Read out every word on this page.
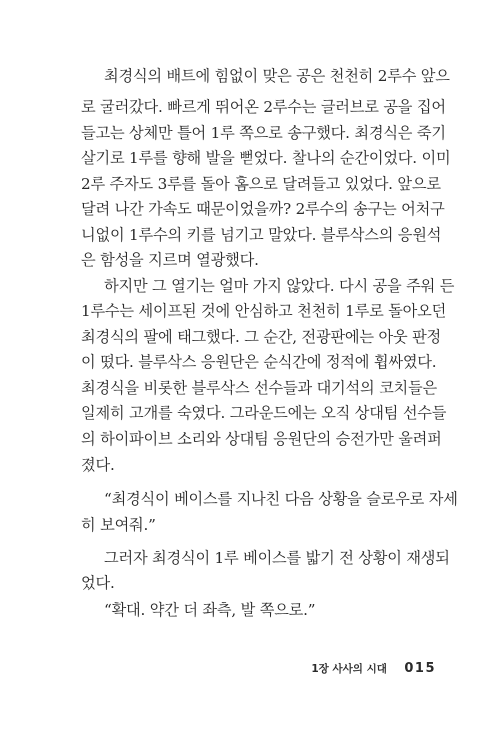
최경식의 배트에 힘없이 맞은 공은 천천히 2루수 앞으
로 굴러갔다. 빠르게 뛰어온 2루수는 글러브로 공을 집어
들고는 상체만 틀어 1루 쪽으로 송구했다. 최경식은 죽기
살기로 1루를 향해 발을 뻗었다. 찰나의 순간이었다. 이미
2루 주자도 3루를 돌아 홈으로 달려들고 있었다. 앞으로
달려 나간 가속도 때문이었을까? 2루수의 송구는 어처구
니없이 1루수의 키를 넘기고 말았다. 블루삭스의 응원석
은 함성을 지르며 열광했다.
하지만 그 열기는 얼마 가지 않았다. 다시 공을 주워 든
1루수는 세이프된 것에 안심하고 천천히 1루로 돌아오던
최경식의 팔에 태그했다. 그 순간, 전광판에는 아웃 판정
이 떴다. 블루삭스 응원단은 순식간에 정적에 휩싸였다.
최경식을 비롯한 블루삭스 선수들과 대기석의 코치들은
일제히 고개를 숙였다. 그라운드에는 오직 상대팀 선수들
의 하이파이브 소리와 상대팀 응원단의 승전가만 울려퍼
졌다.
“최경식이 베이스를 지나친 다음 상황을 슬로우로 자세
히 보여줘.”
그러자 최경식이 1루 베이스를 밟기 전 상황이 재생되
었다.
“확대. 약간 더 좌측, 발 쪽으로.”
1장 사사의 시대 015
